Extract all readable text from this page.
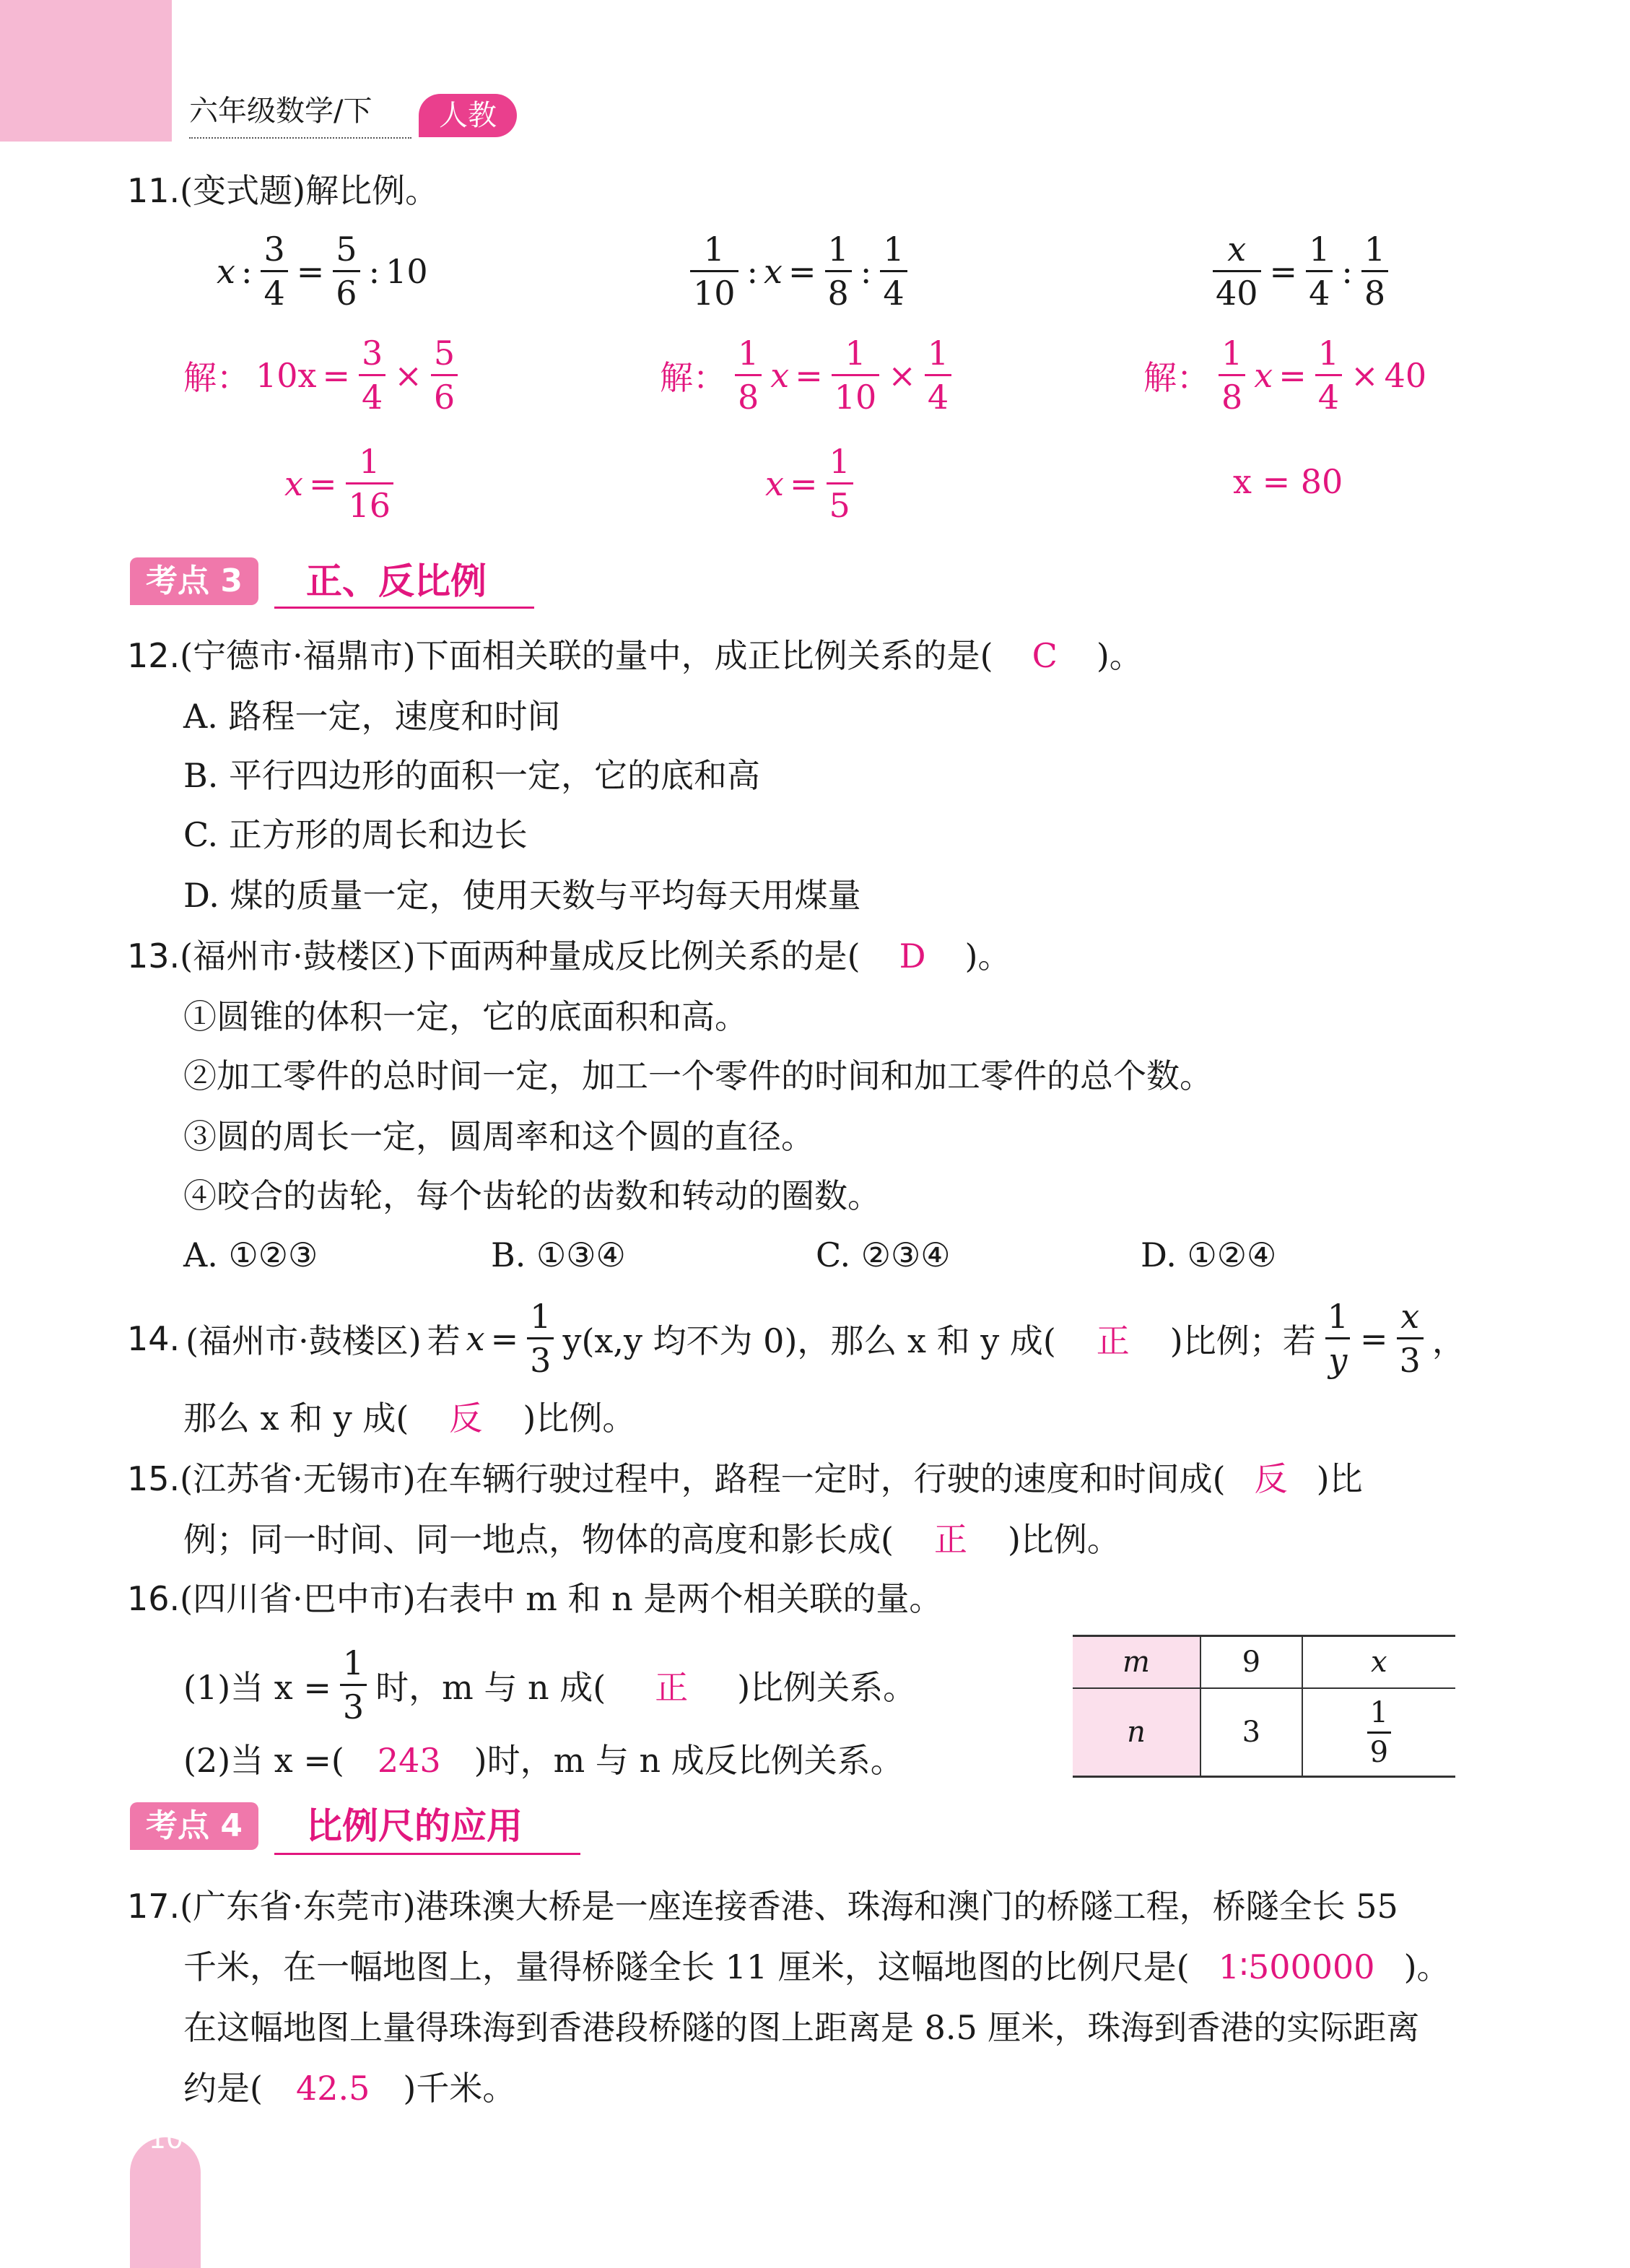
10
六年级数学/下	人教
11.(变式题)解比例。
x : $\frac{3}{4} = \frac{5}{6}$ : 10
解： $10x = \frac{3}{4} \times \frac{5}{6}$
$x = \frac{1}{16}$
$\frac{1}{10}$ : $x = \frac{1}{8}$ : $\frac{1}{4}$
解： $\frac{1}{8}$ $x = \frac{1}{10} \times \frac{1}{4}$
$x = \frac{1}{5}$
$\frac{x}{40} = \frac{1}{4}$ : $\frac{1}{8}$
解： $\frac{1}{8}$ $x = \frac{1}{4} \times 40$
x = 80
考点 3	正、反比例
12.(宁德市·福鼎市)下面相关联的量中，成正比例关系的是( C )。
A. 路程一定，速度和时间
B. 平行四边形的面积一定，它的底和高
C. 正方形的周长和边长
D. 煤的质量一定，使用天数与平均每天用煤量
13.(福州市·鼓楼区)下面两种量成反比例关系的是( D )。
①圆锥的体积一定，它的底面积和高。
②加工零件的总时间一定，加工一个零件的时间和加工零件的总个数。
③圆的周长一定，圆周率和这个圆的直径。
④咬合的齿轮，每个齿轮的齿数和转动的圈数。
A. ①②③	B. ①③④	C. ②③④	D. ①②④
14. (福州市·鼓楼区) 若 $x = \frac{1}{3} y(x,y$ 均不为 0)，那么 x 和 y 成( 正 )比例；若 $\frac{1}{y} = \frac{x}{3}$ ，
那么 x 和 y 成( 反 )比例。
15.(江苏省·无锡市)在车辆行驶过程中，路程一定时，行驶的速度和时间成( 反 )比
例；同一时间、同一地点，物体的高度和影长成( 正 )比例。
16.(四川省·巴中市)右表中 m 和 n 是两个相关联的量。
(1)当 $x = \frac{1}{3}$ 时，m 与 n 成( 正 )比例关系。
(2)当 x =( 243 )时，m 与 n 成反比例关系。
m	9	x
n	3	$\frac{1}{9}$
考点 4	比例尺的应用
17.(广东省·东莞市)港珠澳大桥是一座连接香港、珠海和澳门的桥隧工程，桥隧全长 55
千米，在一幅地图上，量得桥隧全长 11 厘米，这幅地图的比例尺是( 1∶500000 )。
在这幅地图上量得珠海到香港段桥隧的图上距离是 8.5 厘米，珠海到香港的实际距离
约是( 42.5 )千米。
